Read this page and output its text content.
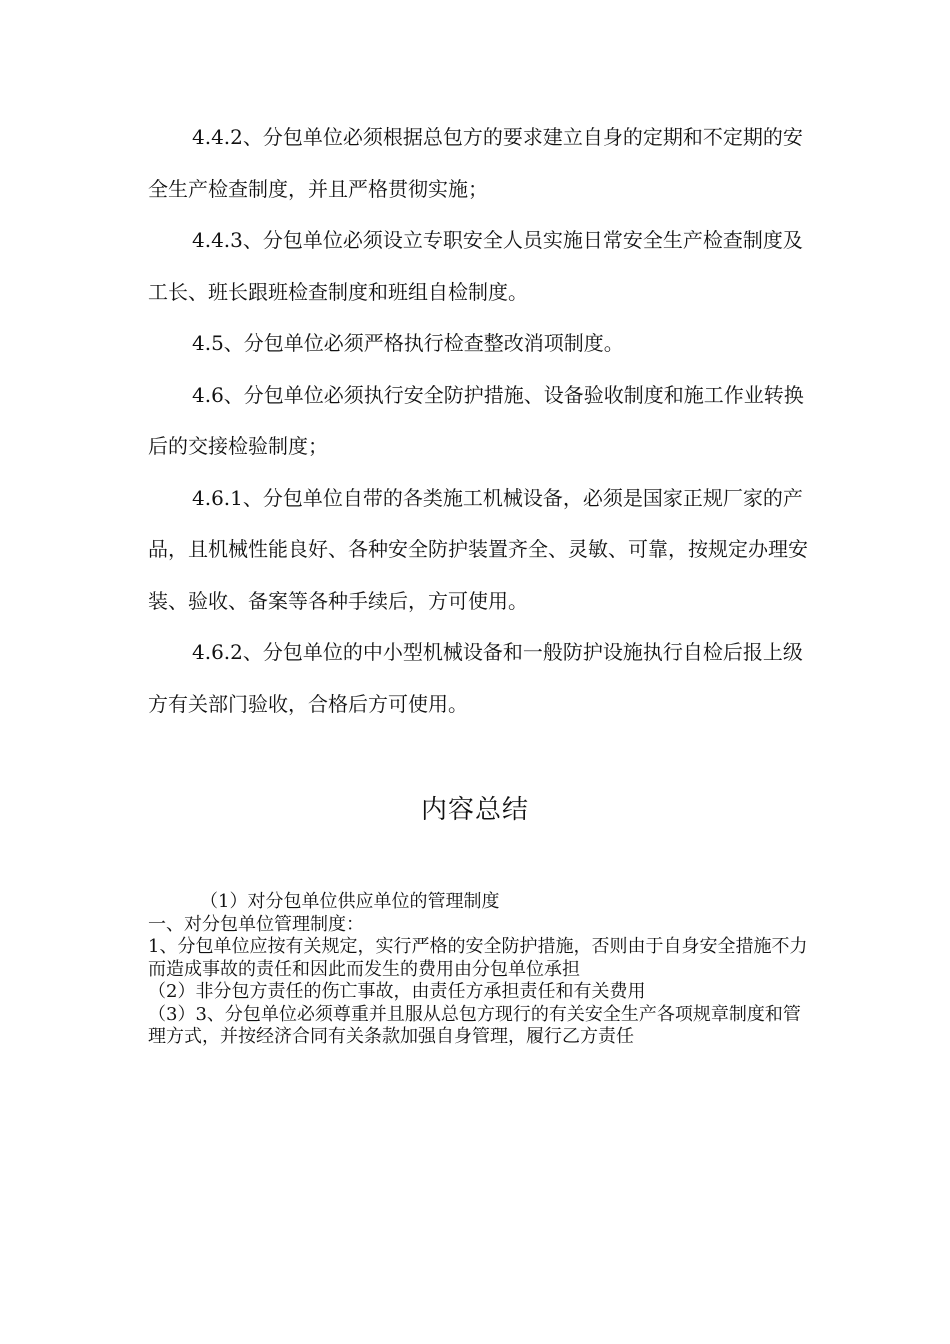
4.4.2、分包单位必须根据总包方的要求建立自身的定期和不定期的安全生产检查制度，并且严格贯彻实施；

4.4.3、分包单位必须设立专职安全人员实施日常安全生产检查制度及工长、班长跟班检查制度和班组自检制度。

4.5、分包单位必须严格执行检查整改消项制度。

4.6、分包单位必须执行安全防护措施、设备验收制度和施工作业转换后的交接检验制度；

4.6.1、分包单位自带的各类施工机械设备，必须是国家正规厂家的产品，且机械性能良好、各种安全防护装置齐全、灵敏、可靠，按规定办理安装、验收、备案等各种手续后，方可使用。

4.6.2、分包单位的中小型机械设备和一般防护设施执行自检后报上级方有关部门验收，合格后方可使用。

内容总结
（1）对分包单位供应单位的管理制度
一、对分包单位管理制度：
1、分包单位应按有关规定，实行严格的安全防护措施，否则由于自身安全措施不力而造成事故的责任和因此而发生的费用由分包单位承担
（2）非分包方责任的伤亡事故，由责任方承担责任和有关费用
（3）3、分包单位必须尊重并且服从总包方现行的有关安全生产各项规章制度和管理方式，并按经济合同有关条款加强自身管理，履行乙方责任
